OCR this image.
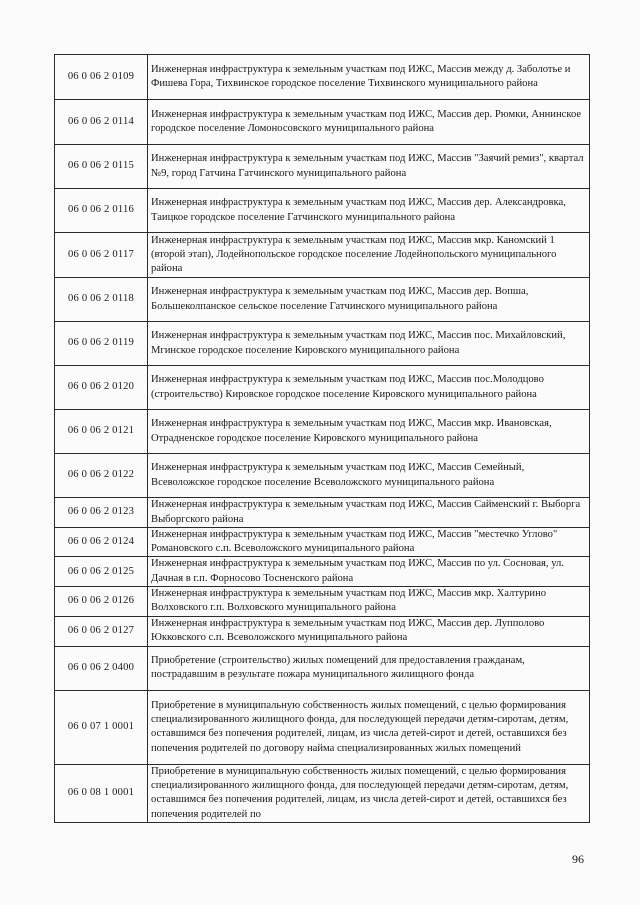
06 0 06 2 0109	Инженерная инфраструктура к земельным участкам под ИЖС, Массив между д. Заболотье и Фишева Гора, Тихвинское городское поселение Тихвинского муниципального района
06 0 06 2 0114	Инженерная инфраструктура к земельным участкам под ИЖС, Массив дер. Рюмки, Аннинское городское поселение Ломоносовского муниципального района
06 0 06 2 0115	Инженерная инфраструктура к земельным участкам под ИЖС, Массив "Заячий ремиз", квартал №9, город Гатчина Гатчинского муниципального района
06 0 06 2 0116	Инженерная инфраструктура к земельным участкам под ИЖС, Массив дер. Александровка, Таицкое городское поселение Гатчинского муниципального района
06 0 06 2 0117	Инженерная инфраструктура к земельным участкам под ИЖС, Массив мкр. Каномский 1 (второй этап), Лодейнопольское городское поселение Лодейнопольского муниципального района
06 0 06 2 0118	Инженерная инфраструктура к земельным участкам под ИЖС, Массив дер. Вопша, Большеколпанское сельское поселение Гатчинского муниципального района
06 0 06 2 0119	Инженерная инфраструктура к земельным участкам под ИЖС, Массив пос. Михайловский, Мгинское городское поселение Кировского муниципального района
06 0 06 2 0120	Инженерная инфраструктура к земельным участкам под ИЖС, Массив пос.Молодцово (строительство) Кировское городское поселение Кировского муниципального района
06 0 06 2 0121	Инженерная инфраструктура к земельным участкам под ИЖС, Массив мкр. Ивановская, Отрадненское городское поселение Кировского муниципального района
06 0 06 2 0122	Инженерная инфраструктура к земельным участкам под ИЖС, Массив Семейный, Всеволожское городское поселение Всеволожского муниципального района
06 0 06 2 0123	Инженерная инфраструктура к земельным участкам под ИЖС, Массив Сайменский г. Выборга Выборгского района
06 0 06 2 0124	Инженерная инфраструктура к земельным участкам под ИЖС, Массив "местечко Углово" Романовского с.п. Всеволожского муниципального района
06 0 06 2 0125	Инженерная инфраструктура к земельным участкам под ИЖС, Массив по ул. Сосновая, ул. Дачная в г.п. Форносово Тосненского района
06 0 06 2 0126	Инженерная инфраструктура к земельным участкам под ИЖС, Массив мкр. Халтурино Волховского г.п. Волховского муниципального района
06 0 06 2 0127	Инженерная инфраструктура к земельным участкам под ИЖС, Массив дер. Лупполово Юкковского с.п. Всеволожского муниципального района
06 0 06 2 0400	Приобретение (строительство) жилых помещений для предоставления гражданам, пострадавшим в результате пожара муниципального жилищного фонда
06 0 07 1 0001	Приобретение в муниципальную собственность жилых помещений, с целью формирования специализированного жилищного фонда, для последующей передачи детям-сиротам, детям, оставшимся без попечения родителей, лицам, из числа детей-сирот и детей, оставшихся без попечения родителей по договору найма специализированных жилых помещений
06 0 08 1 0001	Приобретение в муниципальную собственность жилых помещений, с целью формирования специализированного жилищного фонда, для последующей передачи детям-сиротам, детям, оставшимся без попечения родителей, лицам, из числа детей-сирот и детей, оставшихся без попечения родителей по
96
